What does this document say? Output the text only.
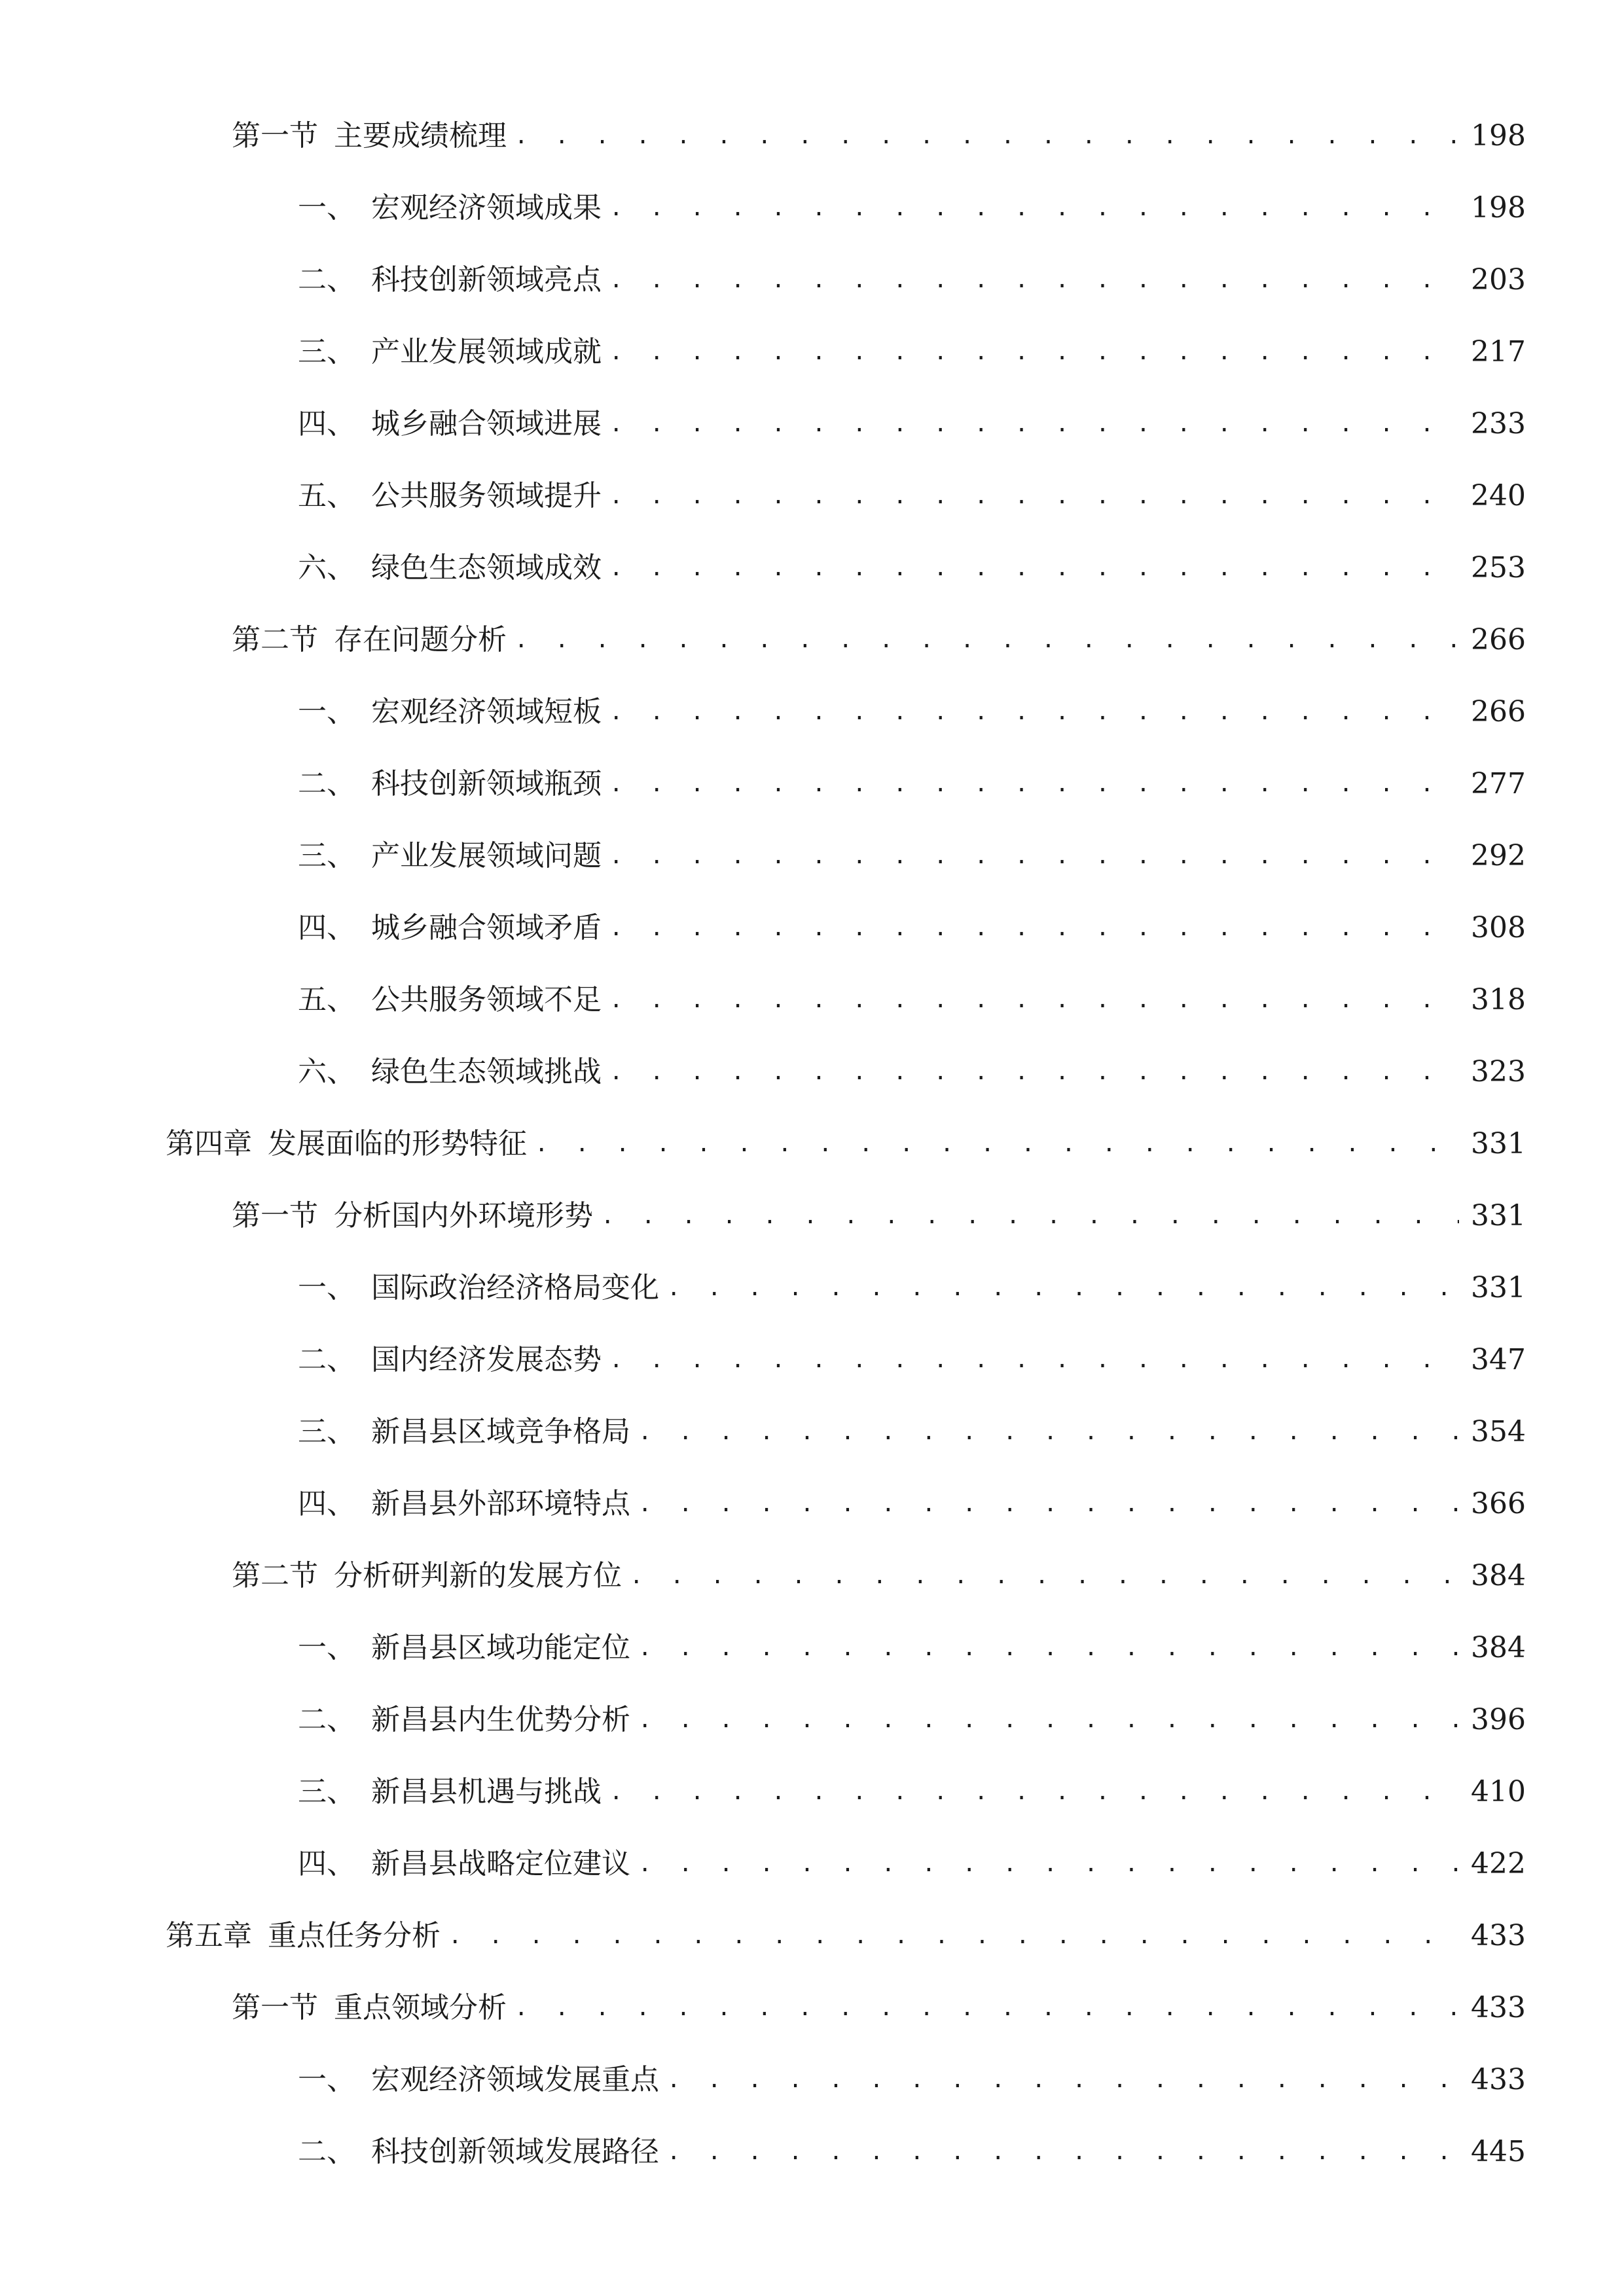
第一节 主要成绩梳理 . . .	198
一、 宏观经济领域成果 . . .	198
二、 科技创新领域亮点 . . .	203
三、 产业发展领域成就 . . .	217
四、 城乡融合领域进展 . . .	233
五、 公共服务领域提升 . . .	240
六、 绿色生态领域成效 . . .	253
第二节 存在问题分析 . . .	266
一、 宏观经济领域短板 . . .	266
二、 科技创新领域瓶颈 . . .	277
三、 产业发展领域问题 . . .	292
四、 城乡融合领域矛盾 . . .	308
五、 公共服务领域不足 . . .	318
六、 绿色生态领域挑战 . . .	323
第四章 发展面临的形势特征 . . .	331
第一节 分析国内外环境形势 . . .	331
一、 国际政治经济格局变化 . . .	331
二、 国内经济发展态势 . . .	347
三、 新昌县区域竞争格局 . . .	354
四、 新昌县外部环境特点 . . .	366
第二节 分析研判新的发展方位 . . .	384
一、 新昌县区域功能定位 . . .	384
二、 新昌县内生优势分析 . . .	396
三、 新昌县机遇与挑战 . . .	410
四、 新昌县战略定位建议 . . .	422
第五章 重点任务分析 . . .	433
第一节 重点领域分析 . . .	433
一、 宏观经济领域发展重点 . . .	433
二、 科技创新领域发展路径 . . .	445
